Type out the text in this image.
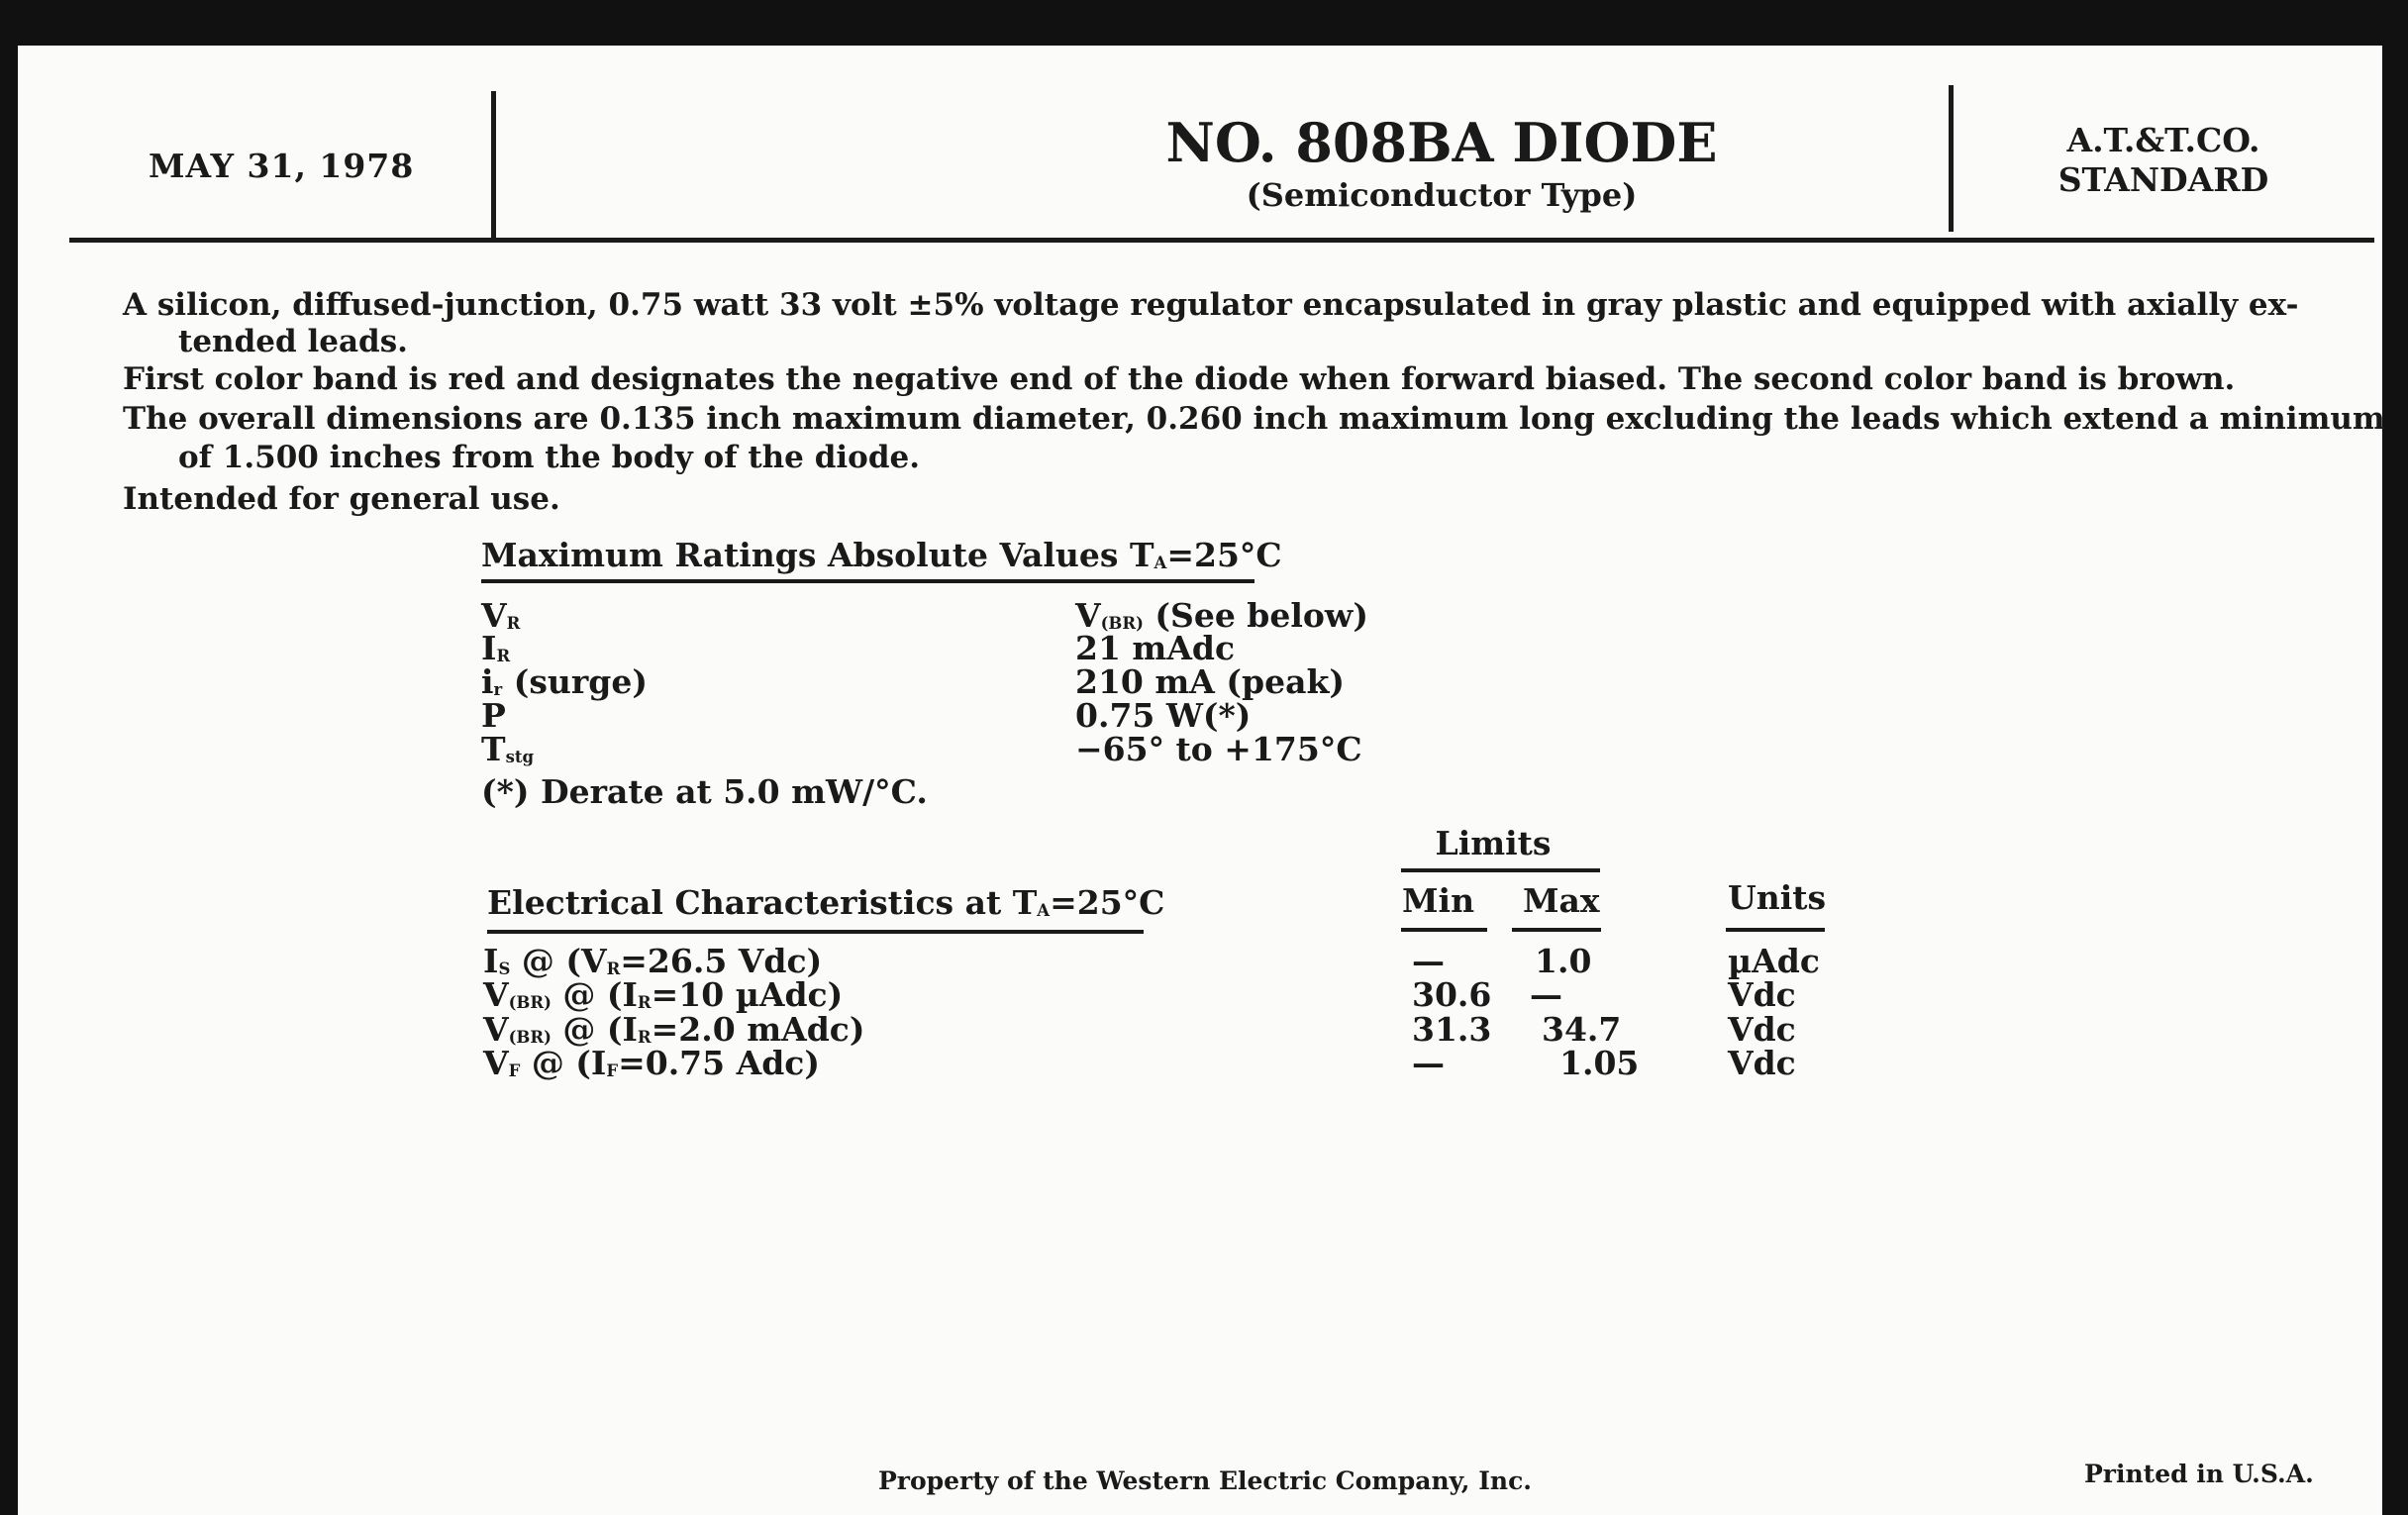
MAY 31, 1978	NO. 808BA DIODE
(Semiconductor Type)
A.T.&T.CO.
STANDARD
A silicon, diffused-junction, 0.75 watt 33 volt ±5% voltage regulator encapsulated in gray plastic and equipped with axially ex-
tended leads.
First color band is red and designates the negative end of the diode when forward biased. The second color band is brown.
The overall dimensions are 0.135 inch maximum diameter, 0.260 inch maximum long excluding the leads which extend a minimum
of 1.500 inches from the body of the diode.
Intended for general use.
Maximum Ratings Absolute Values $T_A=25^\circ C$
$V_R$	$V_{(BR)}$ (See below)
$I_R$	21 mAdc
$i_r$ (surge)	210 mA (peak)
P	0.75 W(*)
$T_{stg}$	−65° to +175°C
(*) Derate at 5.0 mW/°C.
Limits
Min Max	Units
Electrical Characteristics at $T_A=25^\circ C$
$I_S$ @ ($V_R=26.5$ Vdc)	—	1.0	µAdc
$V_{(BR)}$ @ ($I_R=10$ µAdc)	30.6 —	Vdc
$V_{(BR)}$ @ ($I_R=2.0$ mAdc)	31.3 34.7	Vdc
$V_F$ @ ($I_F=0.75$ Adc)	—	1.05	Vdc
Property of the Western Electric Company, Inc.	Printed in U.S.A.
